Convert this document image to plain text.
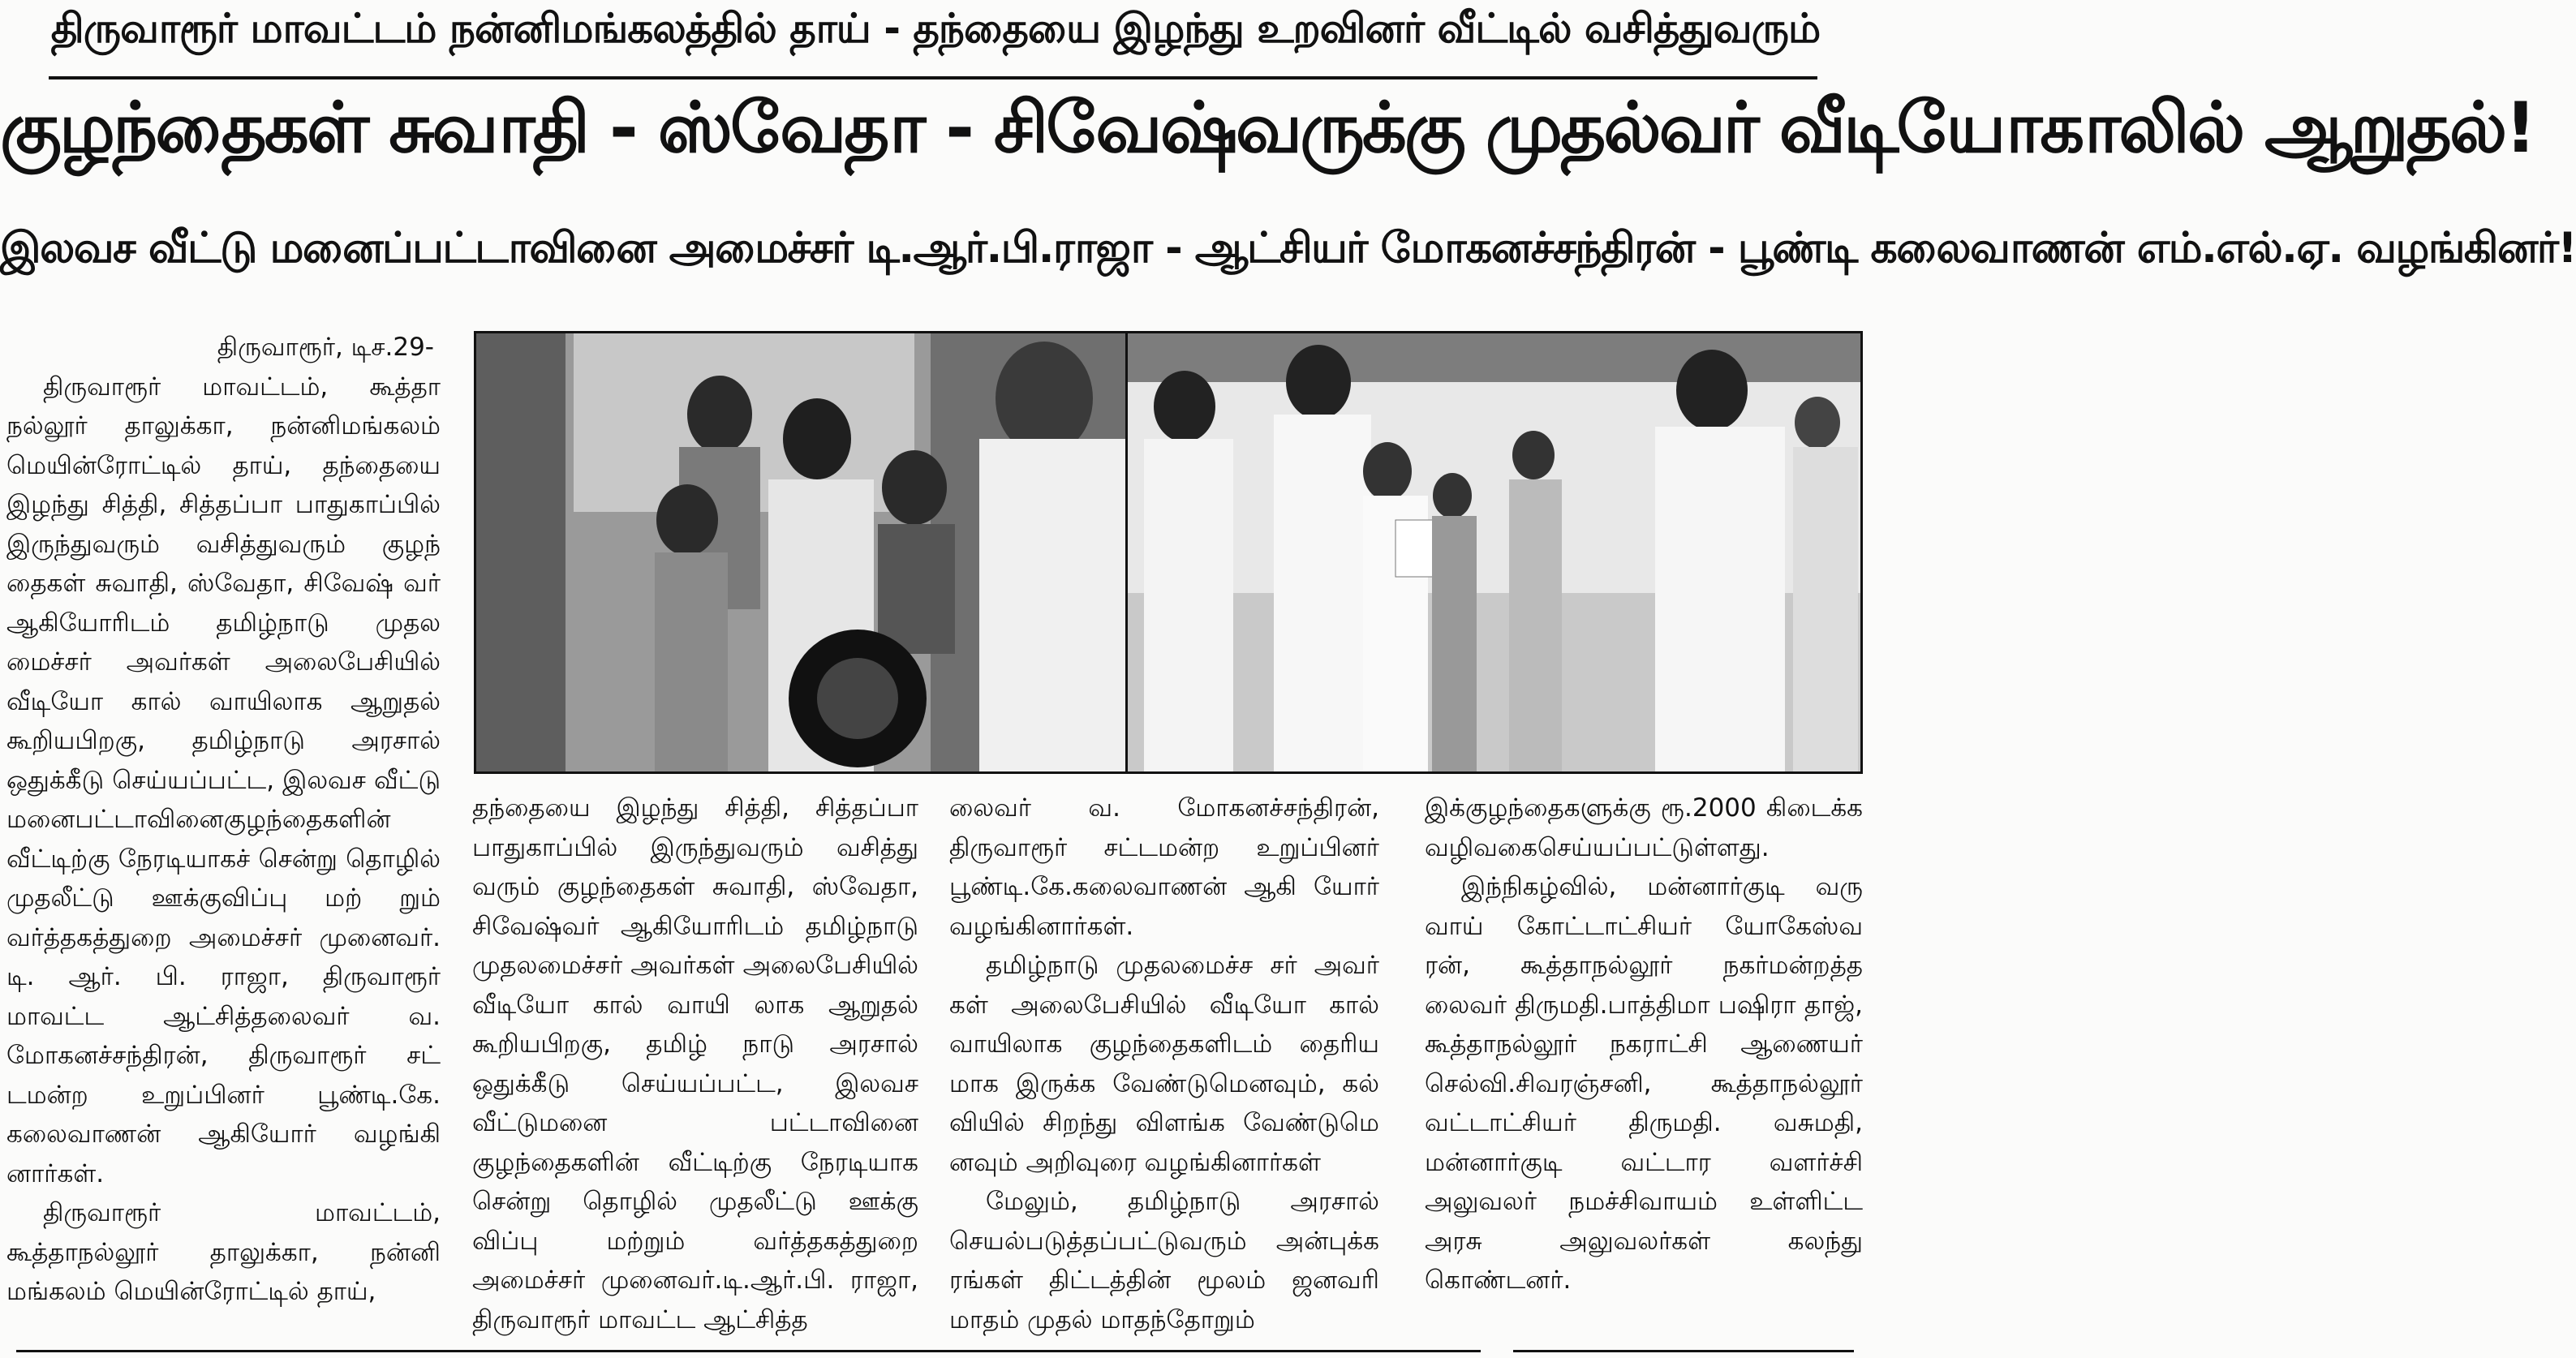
திருவாரூர் மாவட்டம் நன்னிமங்கலத்தில் தாய் - தந்தையை இழந்து உறவினர் வீட்டில் வசித்துவரும்
குழந்தைகள் சுவாதி - ஸ்வேதா - சிவேஷ்வருக்கு முதல்வர் வீடியோகாலில் ஆறுதல்!
இலவச வீட்டு மனைப்பட்டாவினை அமைச்சர் டி.ஆர்.பி.ராஜா - ஆட்சியர் மோகனச்சந்திரன் - பூண்டி கலைவாணன் எம்.எல்.ஏ. வழங்கினர்!

திருவாரூர், டிச.29-

திருவாரூர் மாவட்டம், கூத்தா நல்லூர் தாலுக்கா, நன்னிமங்கலம் மெயின்ரோட்டில் தாய், தந்தையை இழந்து சித்தி, சித்தப்பா பாதுகாப்பில் இருந்துவரும் வசித்துவரும் குழந் தைகள் சுவாதி, ஸ்வேதா, சிவேஷ் வர் ஆகியோரிடம் தமிழ்நாடு முதல மைச்சர் அவர்கள் அலைபேசியில் வீடியோ கால் வாயிலாக ஆறுதல் கூறியபிறகு, தமிழ்நாடு அரசால் ஒதுக்கீடு செய்யப்பட்ட, இலவச வீட்டு மனைபட்டாவினைகுழந்தைகளின் வீட்டிற்கு நேரடியாகச் சென்று தொழில் முதலீட்டு ஊக்குவிப்பு மற் றும் வர்த்தகத்துறை அமைச்சர் முனைவர். டி. ஆர். பி. ராஜா, திருவாரூர் மாவட்ட ஆட்சித்தலைவர் வ. மோகனச்சந்திரன், திருவாரூர் சட் டமன்ற உறுப்பினர் பூண்டி.கே. கலைவாணன் ஆகியோர் வழங்கி னார்கள்.

திருவாரூர் மாவட்டம், கூத்தாநல்லூர் தாலுக்கா, நன்னி மங்கலம் மெயின்ரோட்டில் தாய்,

தந்தையை இழந்து சித்தி, சித்தப்பா பாதுகாப்பில் இருந்துவரும் வசித்து வரும் குழந்தைகள் சுவாதி, ஸ்வேதா, சிவேஷ்வர் ஆகியோரிடம் தமிழ்நாடு முதலமைச்சர் அவர்கள் அலைபேசியில் வீடியோ கால் வாயி லாக ஆறுதல் கூறியபிறகு, தமிழ் நாடு அரசால் ஒதுக்கீடு செய்யப்பட்ட, இலவச வீட்டுமனை பட்டாவினை குழந்தைகளின் வீட்டிற்கு நேரடியாக சென்று தொழில் முதலீட்டு ஊக்கு விப்பு மற்றும் வர்த்தகத்துறை அமைச்சர் முனைவர்.டி.ஆர்.பி. ராஜா, திருவாரூர் மாவட்ட ஆட்சித்த

லைவர் வ. மோகனச்சந்திரன், திருவாரூர் சட்டமன்ற உறுப்பினர் பூண்டி.கே.கலைவாணன் ஆகி யோர் வழங்கினார்கள்.

தமிழ்நாடு முதலமைச்ச சர் அவர் கள் அலைபேசியில் வீடியோ கால் வாயிலாக குழந்தைகளிடம் தைரிய மாக இருக்க வேண்டுமெனவும், கல் வியில் சிறந்து விளங்க வேண்டுமெ னவும் அறிவுரை வழங்கினார்கள்

மேலும், தமிழ்நாடு அரசால் செயல்படுத்தப்பட்டுவரும் அன்புக்க ரங்கள் திட்டத்தின் மூலம் ஜனவரி மாதம் முதல் மாதந்தோறும்

இக்குழந்தைகளுக்கு ரூ.2000 கிடைக்க வழிவகைசெய்யப்பட்டுள்ளது.

இந்நிகழ்வில், மன்னார்குடி வரு வாய் கோட்டாட்சியர் யோகேஸ்வ ரன், கூத்தாநல்லூர் நகர்மன்றத்த லைவர் திருமதி.பாத்திமா பஷிரா தாஜ், கூத்தாநல்லூர் நகராட்சி ஆணையர் செல்வி.சிவரஞ்சனி, கூத்தாநல்லூர் வட்டாட்சியர் திருமதி. வசுமதி, மன்னார்குடி வட்டார வளர்ச்சி அலுவலர் நமச்சிவாயம் உள்ளிட்ட அரசு அலுவலர்கள் கலந்து கொண்டனர்.
